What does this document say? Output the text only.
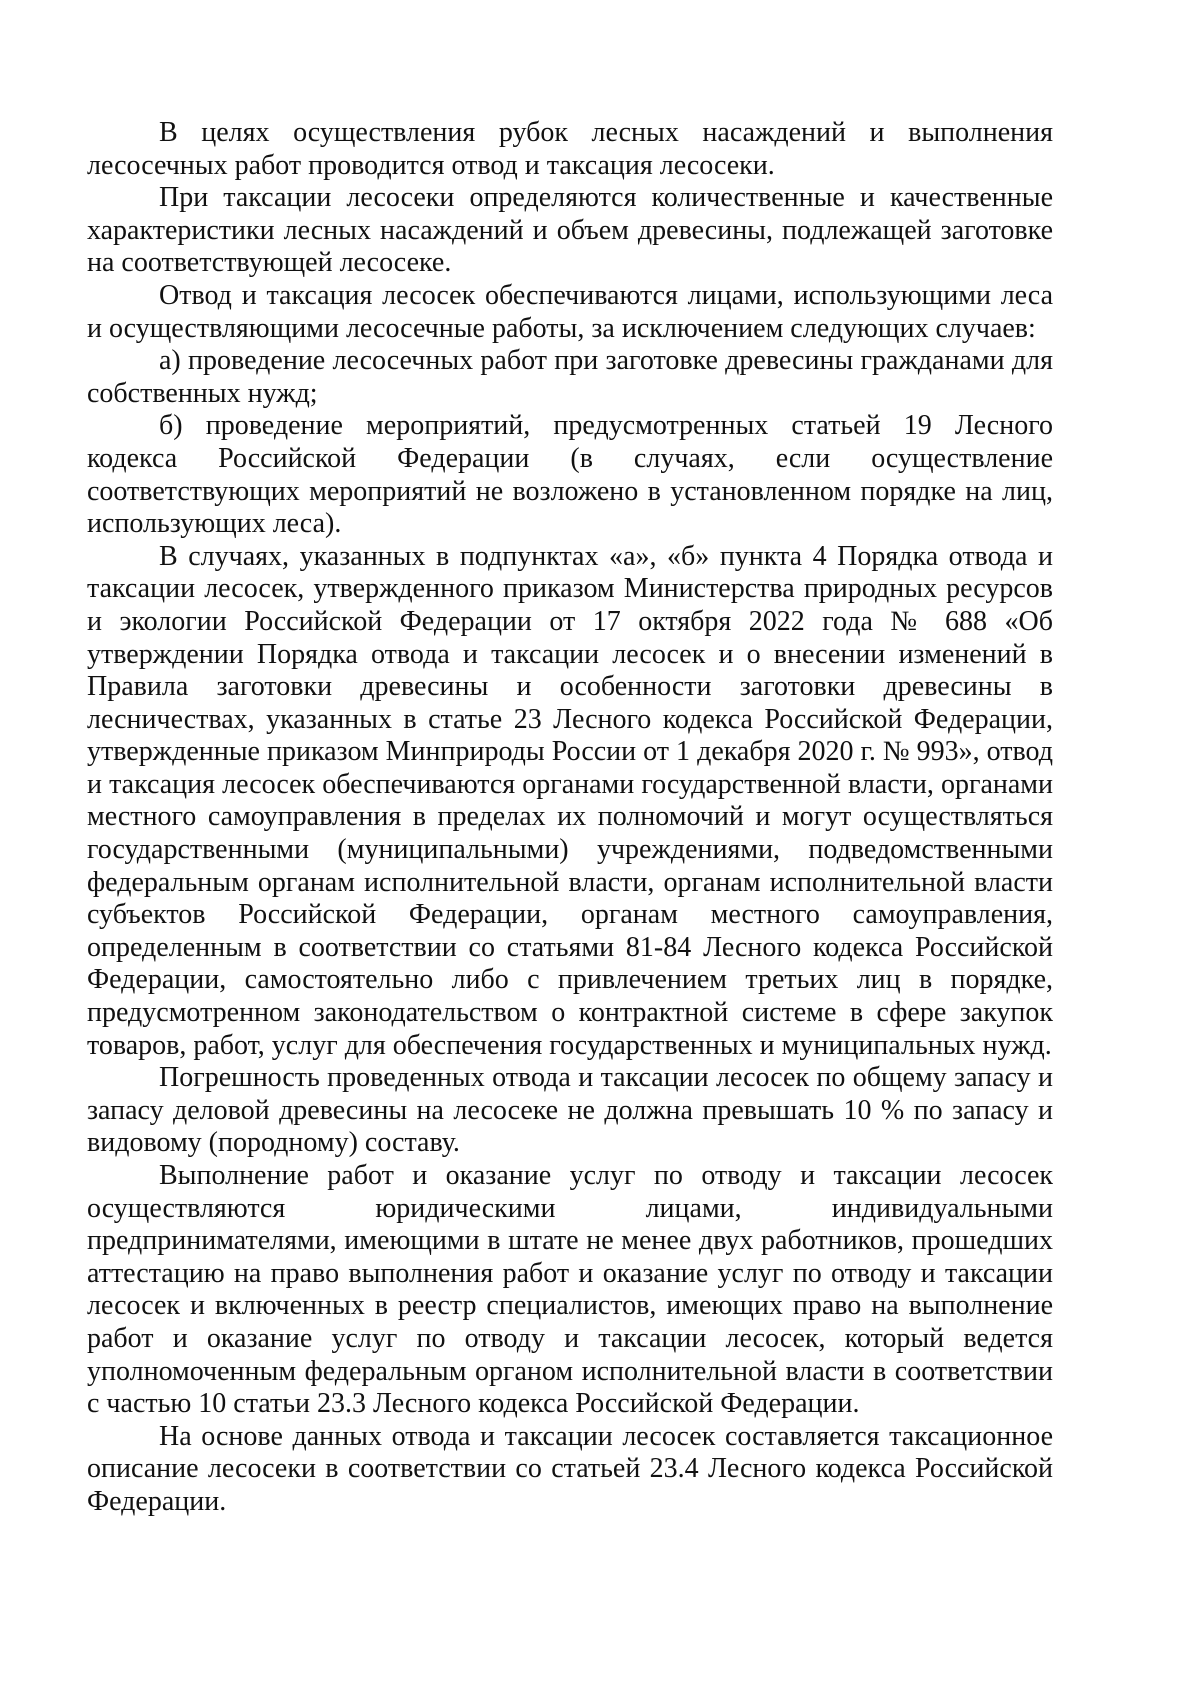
В целях осуществления рубок лесных насаждений и выполнения лесосечных работ проводится отвод и таксация лесосеки.

При таксации лесосеки определяются количественные и качественные характеристики лесных насаждений и объем древесины, подлежащей заготовке на соответствующей лесосеке.

Отвод и таксация лесосек обеспечиваются лицами, использующими леса и осуществляющими лесосечные работы, за исключением следующих случаев:

а) проведение лесосечных работ при заготовке древесины гражданами для собственных нужд;

б) проведение мероприятий, предусмотренных статьей 19 Лесного кодекса Российской Федерации (в случаях, если осуществление соответствующих мероприятий не возложено в установленном порядке на лиц, использующих леса).

В случаях, указанных в подпунктах «а», «б» пункта 4 Порядка отвода и таксации лесосек, утвержденного приказом Министерства природных ресурсов и экологии Российской Федерации от 17 октября 2022 года № 688 «Об утверждении Порядка отвода и таксации лесосек и о внесении изменений в Правила заготовки древесины и особенности заготовки древесины в лесничествах, указанных в статье 23 Лесного кодекса Российской Федерации, утвержденные приказом Минприроды России от 1 декабря 2020 г. № 993», отвод и таксация лесосек обеспечиваются органами государственной власти, органами местного самоуправления в пределах их полномочий и могут осуществляться государственными (муниципальными) учреждениями, подведомственными федеральным органам исполнительной власти, органам исполнительной власти субъектов Российской Федерации, органам местного самоуправления, определенным в соответствии со статьями 81-84 Лесного кодекса Российской Федерации, самостоятельно либо с привлечением третьих лиц в порядке, предусмотренном законодательством о контрактной системе в сфере закупок товаров, работ, услуг для обеспечения государственных и муниципальных нужд.

Погрешность проведенных отвода и таксации лесосек по общему запасу и запасу деловой древесины на лесосеке не должна превышать 10 % по запасу и видовому (породному) составу.

Выполнение работ и оказание услуг по отводу и таксации лесосек осуществляются юридическими лицами, индивидуальными предпринимателями, имеющими в штате не менее двух работников, прошедших аттестацию на право выполнения работ и оказание услуг по отводу и таксации лесосек и включенных в реестр специалистов, имеющих право на выполнение работ и оказание услуг по отводу и таксации лесосек, который ведется уполномоченным федеральным органом исполнительной власти в соответствии с частью 10 статьи 23.3 Лесного кодекса Российской Федерации.

На основе данных отвода и таксации лесосек составляется таксационное описание лесосеки в соответствии со статьей 23.4 Лесного кодекса Российской Федерации.
